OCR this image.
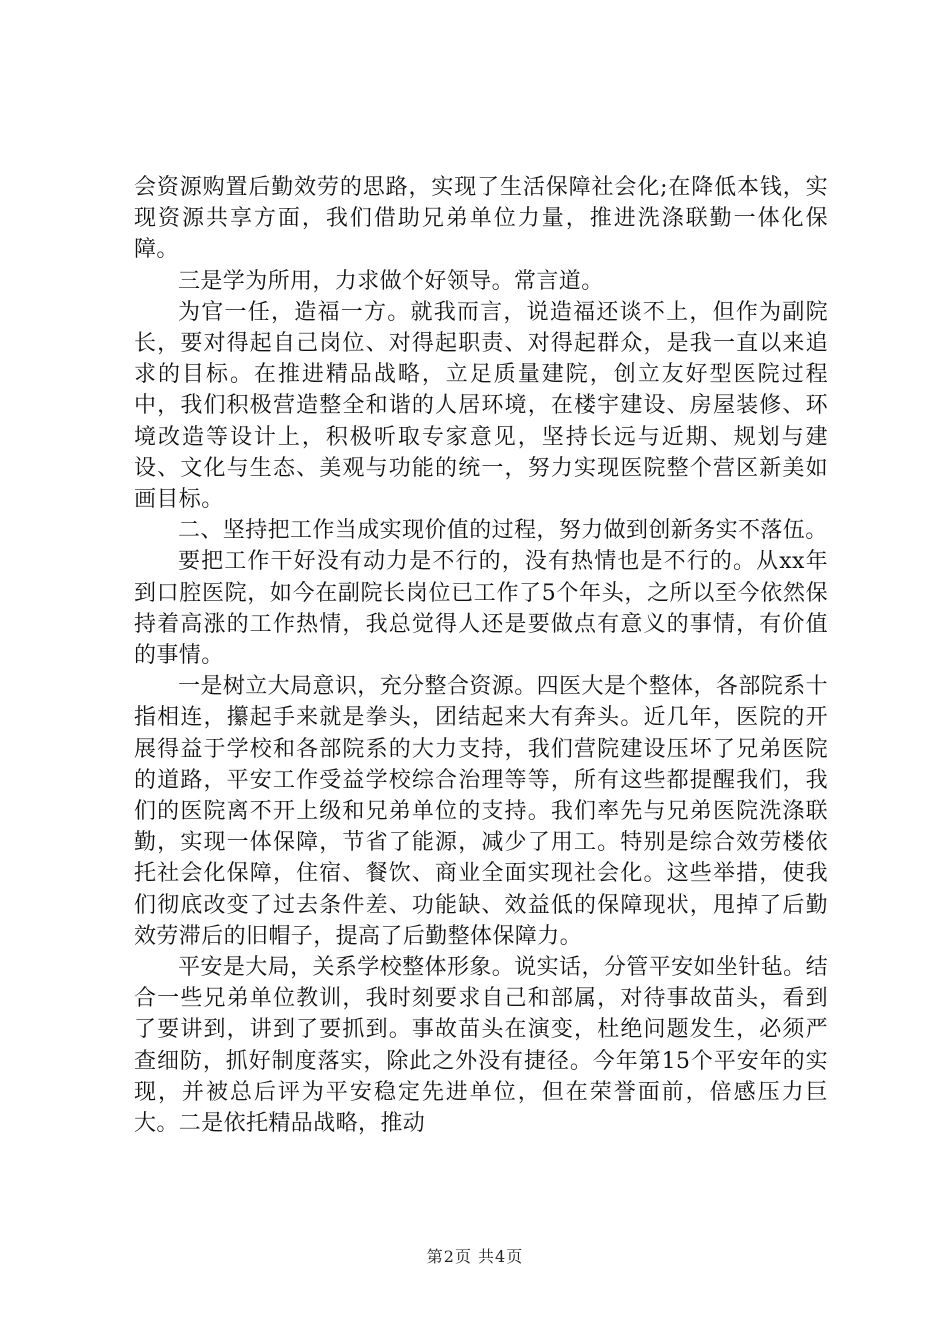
会资源购置后勤效劳的思路，实现了生活保障社会化;在降低本钱，实现资源共享方面，我们借助兄弟单位力量，推进洗涤联勤一体化保障。

三是学为所用，力求做个好领导。常言道。

为官一任，造福一方。就我而言，说造福还谈不上，但作为副院长，要对得起自己岗位、对得起职责、对得起群众，是我一直以来追求的目标。在推进精品战略，立足质量建院，创立友好型医院过程中，我们积极营造整全和谐的人居环境，在楼宇建设、房屋装修、环境改造等设计上，积极听取专家意见，坚持长远与近期、规划与建设、文化与生态、美观与功能的统一，努力实现医院整个营区新美如画目标。

二、坚持把工作当成实现价值的过程，努力做到创新务实不落伍。

要把工作干好没有动力是不行的，没有热情也是不行的。从xx年到口腔医院，如今在副院长岗位已工作了5个年头，之所以至今依然保持着高涨的工作热情，我总觉得人还是要做点有意义的事情，有价值的事情。

一是树立大局意识，充分整合资源。四医大是个整体，各部院系十指相连，攥起手来就是拳头，团结起来大有奔头。近几年，医院的开展得益于学校和各部院系的大力支持，我们营院建设压坏了兄弟医院的道路，平安工作受益学校综合治理等等，所有这些都提醒我们，我们的医院离不开上级和兄弟单位的支持。我们率先与兄弟医院洗涤联勤，实现一体保障，节省了能源，减少了用工。特别是综合效劳楼依托社会化保障，住宿、餐饮、商业全面实现社会化。这些举措，使我们彻底改变了过去条件差、功能缺、效益低的保障现状，甩掉了后勤效劳滞后的旧帽子，提高了后勤整体保障力。

平安是大局，关系学校整体形象。说实话，分管平安如坐针毡。结合一些兄弟单位教训，我时刻要求自己和部属，对待事故苗头，看到了要讲到，讲到了要抓到。事故苗头在演变，杜绝问题发生，必须严查细防，抓好制度落实，除此之外没有捷径。今年第15个平安年的实现，并被总后评为平安稳定先进单位，但在荣誉面前，倍感压力巨大。二是依托精品战略，推动

第2页 共4页
